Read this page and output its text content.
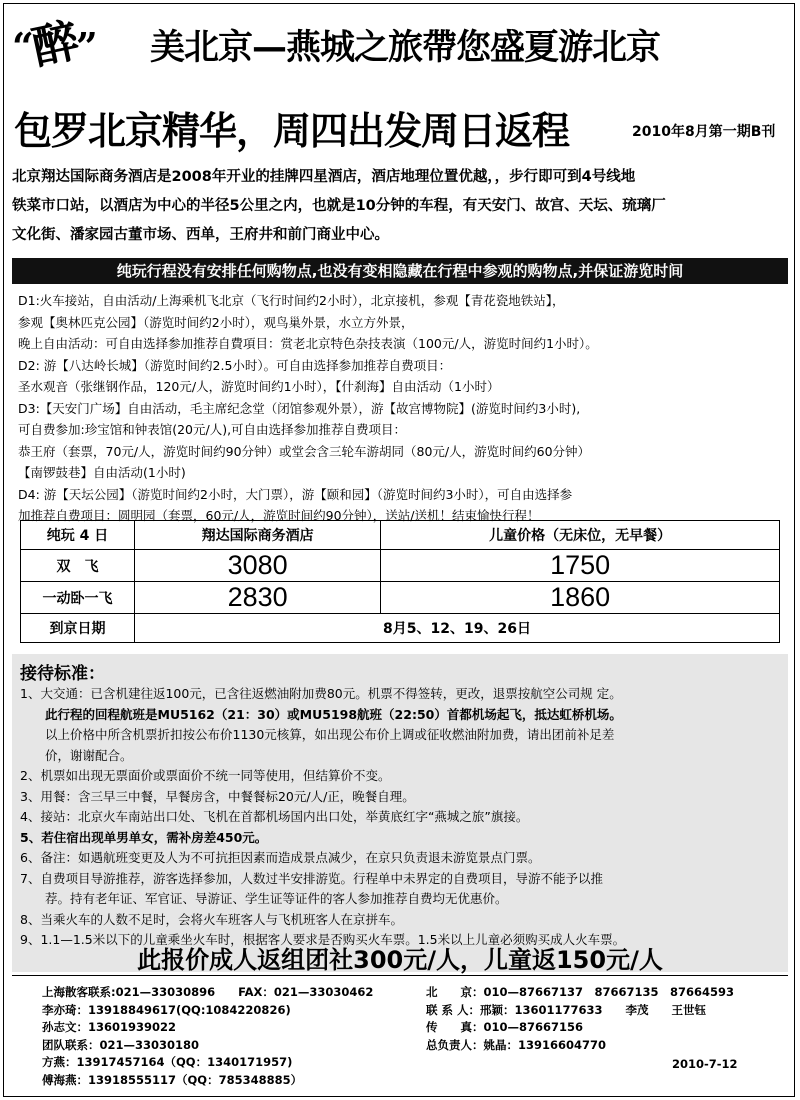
“醉” 美北京—燕城之旅帶您盛夏游北京
包罗北京精华，周四出发周日返程	2010年8月第一期B刊
北京翔达国际商务酒店是2008年开业的挂牌四星酒店，酒店地理位置优越，，步行即可到4号线地
铁菜市口站，以酒店为中心的半径5公里之内，也就是10分钟的车程，有天安门、故宫、天坛、琉璃厂
文化街、潘家园古董市场、西单，王府井和前门商业中心。
纯玩行程没有安排任何购物点,也没有变相隐藏在行程中参观的购物点,并保证游览时间
D1:火车接站，自由活动/上海乘机飞北京（飞行时间约2小时），北京接机，参观【青花瓷地铁站】，
参观【奥林匹克公园】（游览时间约2小时），观鸟巢外景，水立方外景，
晚上自由活动：可自由选择参加推荐自費項目：赏老北京特色杂技表演（100元/人，游览时间约1小时）。
D2: 游【八达岭长城】（游览时间约2.5小时）。可自由选择参加推荐自费项目：
圣水观音（张继钢作品，120元/人，游览时间约1小时），【什刹海】自由活动（1小时）
D3:【天安门广场】自由活动，毛主席纪念堂（闭馆参观外景），游【故宫博物院】(游览时间约3小时),
可自费参加:珍宝馆和钟表馆(20元/人),可自由选择参加推荐自费项目：
恭王府（套票，70元/人，游览时间约90分钟）或堂会含三轮车游胡同（80元/人，游览时间约60分钟）
【南锣鼓巷】自由活动(1小时)
D4: 游【天坛公园】（游览时间约2小时，大门票），游【颐和园】（游览时间约3小时），可自由选择参
加推荐自费项目：圆明园（套票，60元/人，游览时间约90分钟），送站/送机！结束愉快行程！
纯玩 4 日	翔达国际商务酒店	儿童价格（无床位，无早餐）
双　飞	3080	1750
一动卧一飞	2830	1860
到京日期	8月5、12、19、26日	
接待标准：
1、大交通：已含机建往返100元，已含往返燃油附加费80元。机票不得签转，更改，退票按航空公司规 定。
　　此行程的回程航班是MU5162（21：30）或MU5198航班（22:50）首都机场起飞，抵达虹桥机场。
　　以上价格中所含机票折扣按公布价1130元核算，如出现公布价上调或征收燃油附加费，请出团前补足差
　　价，谢谢配合。
2、机票如出现无票面价或票面价不统一同等使用，但结算价不变。
3、用餐：含三早三中餐，早餐房含，中餐餐标20元/人/正，晚餐自理。
4、接站：北京火车南站出口处、飞机在首都机场国内出口处，举黄底红字“燕城之旅”旗接。
5、若住宿出现单男单女，需补房差450元。
6、备注：如遇航班变更及人为不可抗拒因素而造成景点减少，在京只负责退未游览景点门票。
7、自费项目导游推荐，游客选择参加，人数过半安排游览。行程单中未界定的自费项目，导游不能予以推
　　荐。持有老年证、军官证、导游证、学生证等证件的客人参加推荐自费均无优惠价。
8、当乘火车的人数不足时，会将火车班客人与飞机班客人在京拼车。
9、1.1—1.5米以下的儿童乘坐火车时，根据客人要求是否购买火车票。1.5米以上儿童必须购买成人火车票。
此报价成人返组团社300元/人，儿童返150元/人
上海散客联系:021—33030896　　FAX：021—33030462
李亦琦：13918849617(QQ:1084220826)
孙志文：13601939022
团队联系：021—33030180
方燕：13917457164（QQ：1340171957)
傅海燕：13918555117（QQ：785348885）
北　　京：010—87667137　87667135　87664593
联 系 人：邢颖：13601177633　　李茂　　王世钰
传　　真：010—87667156
总负责人：姚晶：13916604770
2010-7-12
